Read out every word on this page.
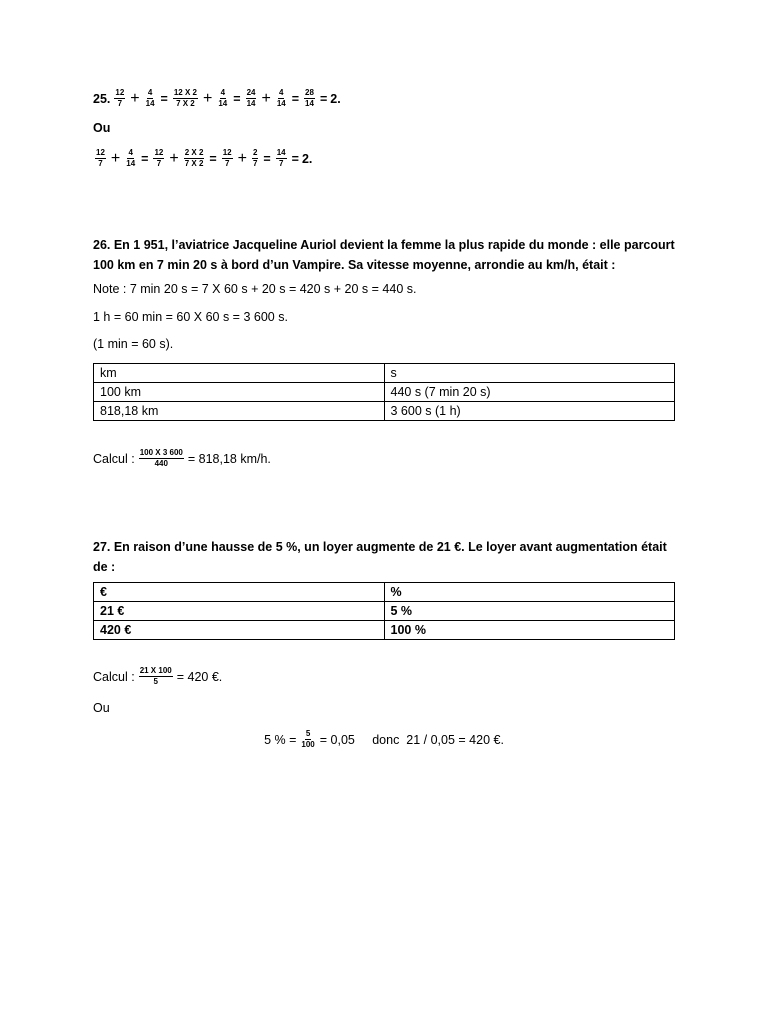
25. $\frac{12}{7} + \frac{4}{14} = \frac{12 X 2}{7 X 2} + \frac{4}{14} = \frac{24}{14} + \frac{4}{14} = \frac{28}{14} = 2$.
Ou
$\frac{12}{7} + \frac{4}{14} = \frac{12}{7} + \frac{2 X 2}{7 X 2} = \frac{12}{7} + \frac{2}{7} = \frac{14}{7} = 2$.
26. En 1 951, l’aviatrice Jacqueline Auriol devient la femme la plus rapide du monde : elle parcourt 100 km en 7 min 20 s à bord d’un Vampire. Sa vitesse moyenne, arrondie au km/h, était :
Note : 7 min 20 s = 7 X 60 s + 20 s = 420 s + 20 s = 440 s.
1 h = 60 min = 60 X 60 s = 3 600 s.
(1 min = 60 s).
km	s
100 km	440 s (7 min 20 s)
818,18 km	3 600 s (1 h)
Calcul : $\frac{100 X 3 600}{440} = 818,18$ km/h.
27. En raison d’une hausse de 5 %, un loyer augmente de 21 €. Le loyer avant augmentation était de :
€	%
21 €	5 %
420 €	100 %
Calcul : $\frac{21 X 100}{5} = 420$ €.
Ou
5 % = $\frac{5}{100} = 0,05$     donc  21 / 0,05 = 420 €.
